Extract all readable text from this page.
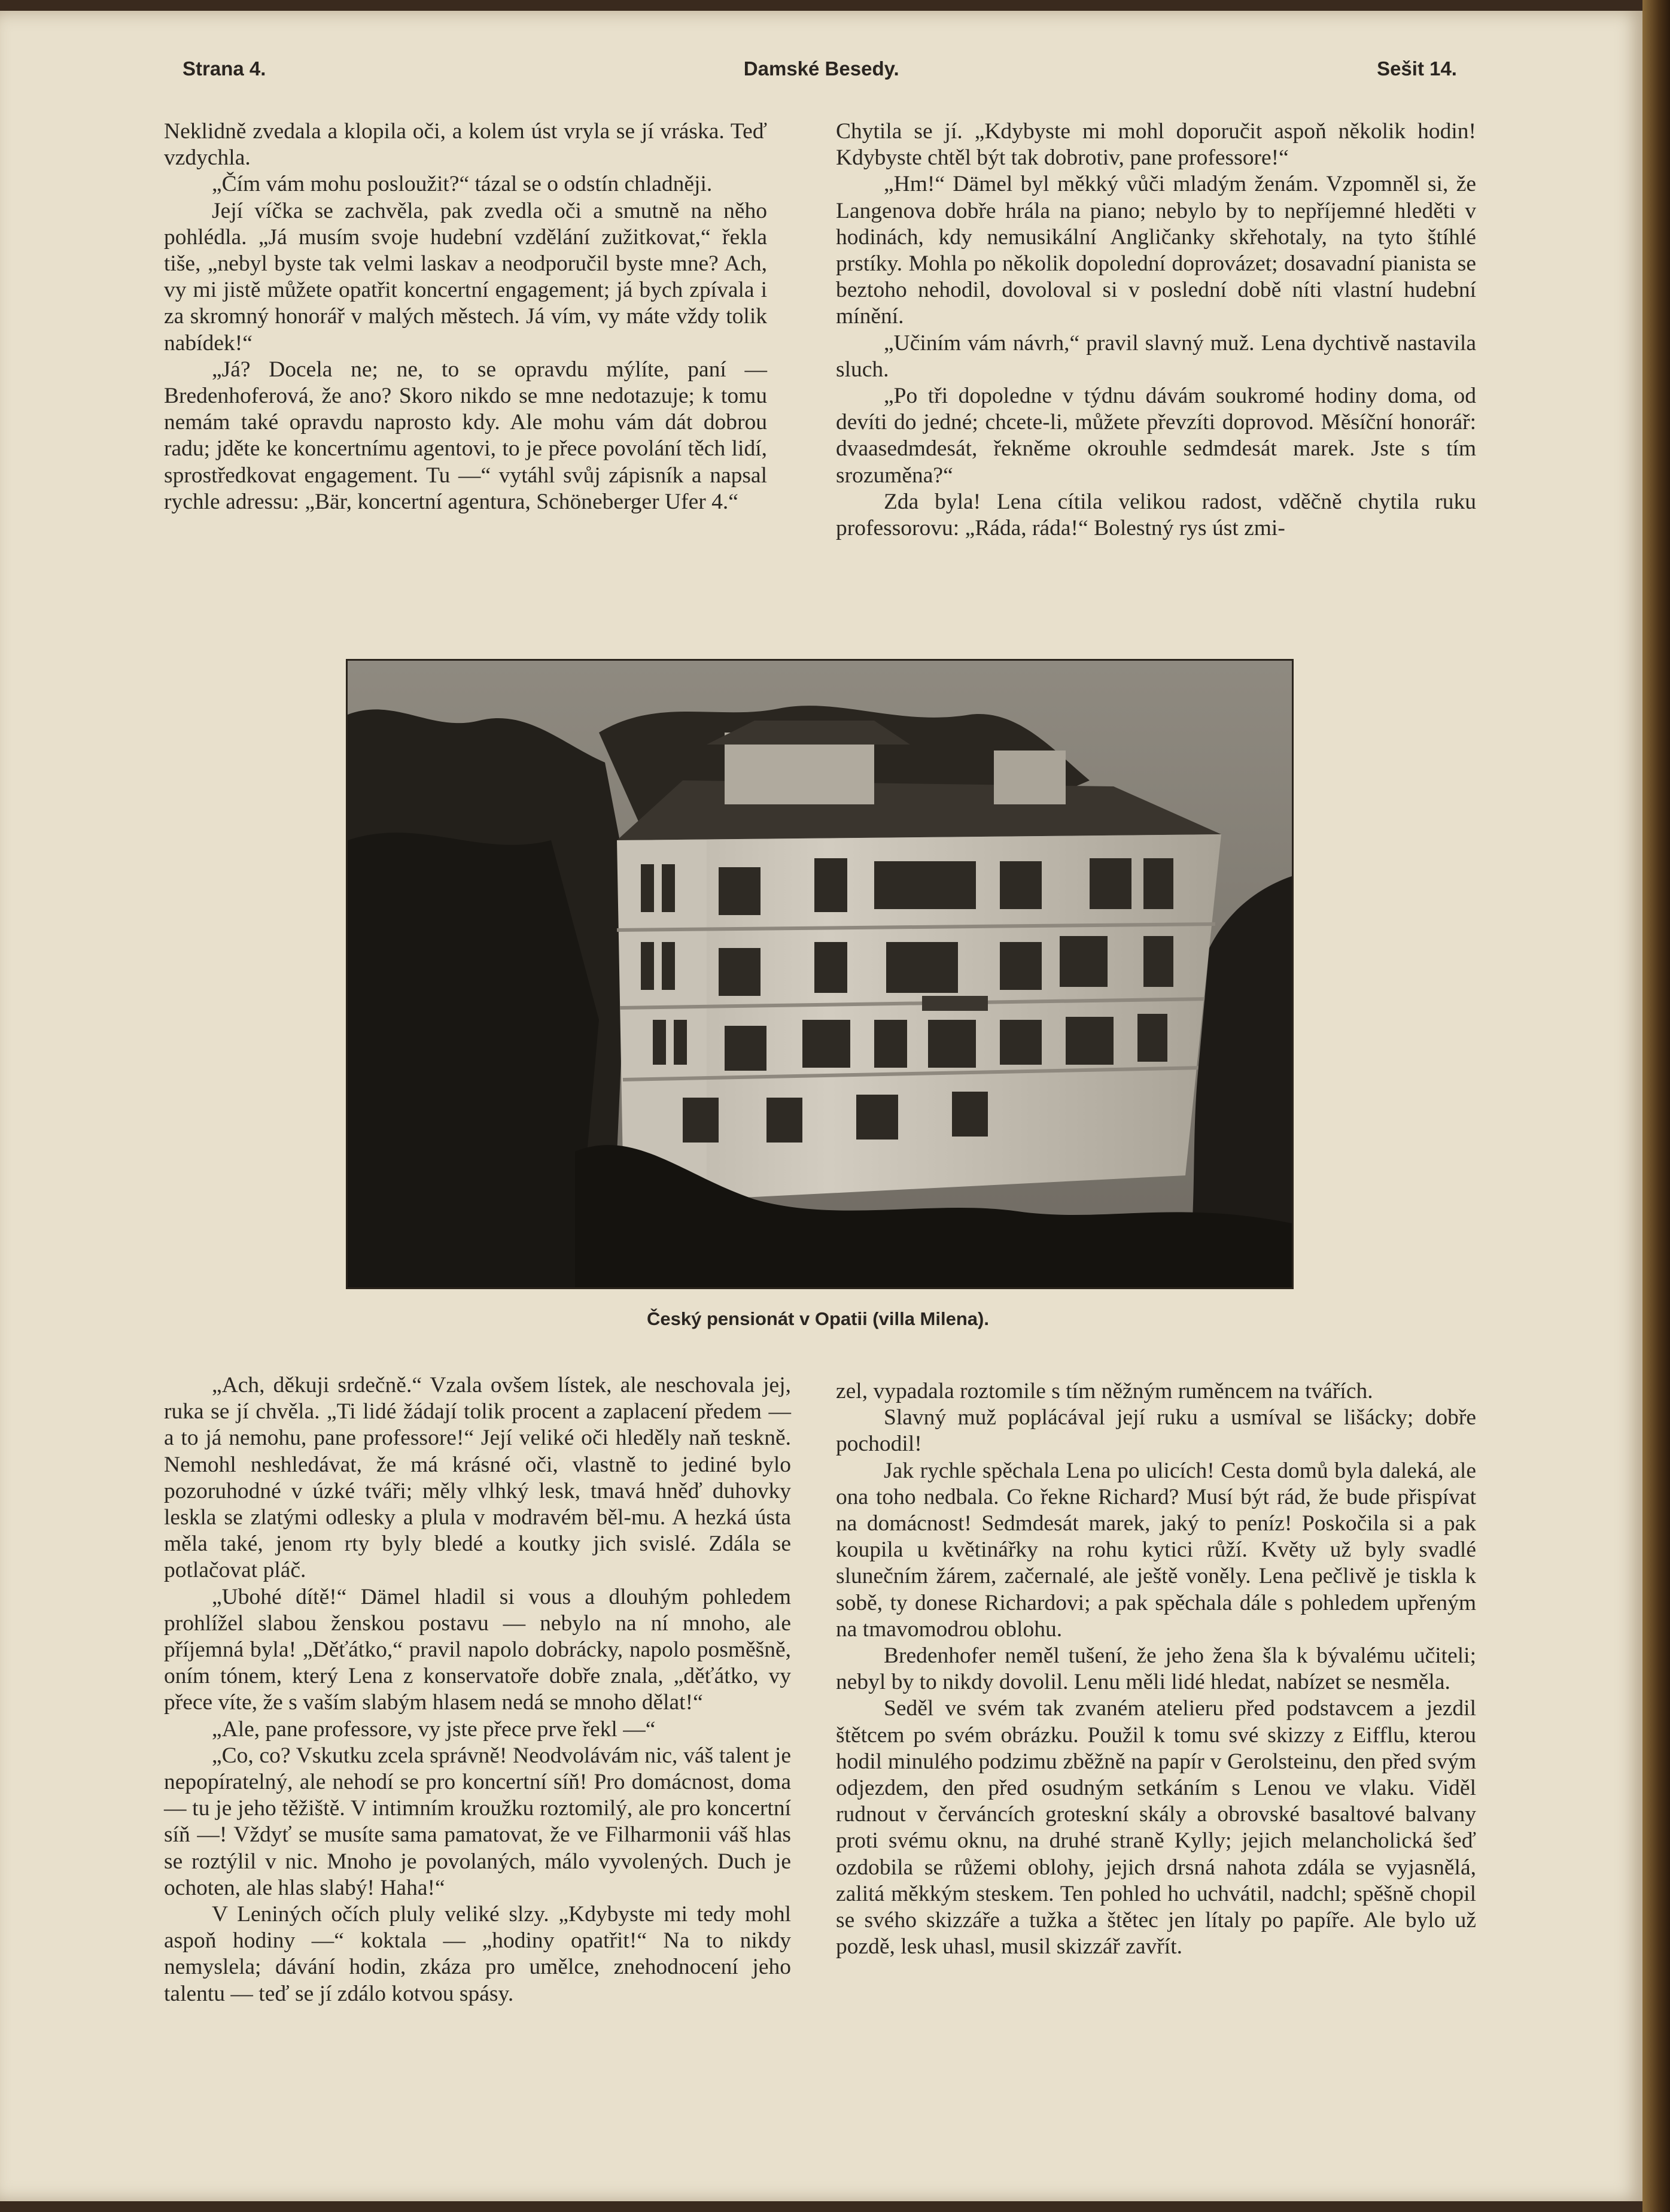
Strana 4.	Damské Besedy.	Sešit 14.

Neklidně zvedala a klopila oči, a kolem úst vryla se jí vráska. Teď vzdychla.

„Čím vám mohu posloužit?“ tázal se o odstín chladněji.

Její víčka se zachvěla, pak zvedla oči a smutně na něho pohlédla. „Já musím svoje hudební vzdělání zužitkovat,“ řekla tiše, „nebyl byste tak velmi laskav a neodporučil byste mne? Ach, vy mi jistě můžete opatřit koncertní engagement; já bych zpívala i za skromný honorář v malých městech. Já vím, vy máte vždy tolik nabídek!“

„Já? Docela ne; ne, to se opravdu mýlíte, paní — Bredenhoferová, že ano? Skoro nikdo se mne nedotazuje; k tomu nemám také opravdu naprosto kdy. Ale mohu vám dát dobrou radu; jděte ke koncertnímu agentovi, to je přece povolání těch lidí, sprostředkovat engagement. Tu —“ vytáhl svůj zápisník a napsal rychle adressu: „Bär, koncertní agentura, Schöneberger Ufer 4.“

Chytila se jí. „Kdybyste mi mohl doporučit aspoň několik hodin! Kdybyste chtěl být tak dobrotiv, pane professore!“

„Hm!“ Dämel byl měkký vůči mladým ženám. Vzpomněl si, že Langenova dobře hrála na piano; nebylo by to nepříjemné hleděti v hodinách, kdy nemusikální Angličanky skřehotaly, na tyto štíhlé prstíky. Mohla po několik dopolední doprovázet; dosavadní pianista se beztoho nehodil, dovoloval si v poslední době níti vlastní hudební mínění.

„Učiním vám návrh,“ pravil slavný muž. Lena dychtivě nastavila sluch.

„Po tři dopoledne v týdnu dávám soukromé hodiny doma, od devíti do jedné; chcete-li, můžete převzíti doprovod. Měsíční honorář: dvaasedmdesát, řekněme okrouhle sedmdesát marek. Jste s tím srozuměna?“

Zda byla! Lena cítila velikou radost, vděčně chytila ruku professorovu: „Ráda, ráda!“ Bolestný rys úst zmi-

Český pensionát v Opatii (villa Milena).

„Ach, děkuji srdečně.“ Vzala ovšem lístek, ale neschovala jej, ruka se jí chvěla. „Ti lidé žádají tolik procent a zaplacení předem — a to já nemohu, pane professore!“ Její veliké oči hleděly naň teskně. Nemohl neshledávat, že má krásné oči, vlastně to jediné bylo pozoruhodné v úzké tváři; měly vlhký lesk, tmavá hněď duhovky leskla se zlatými odlesky a plula v modravém běl-mu. A hezká ústa měla také, jenom rty byly bledé a koutky jich svislé. Zdála se potlačovat pláč.

„Ubohé dítě!“ Dämel hladil si vous a dlouhým pohledem prohlížel slabou ženskou postavu — nebylo na ní mnoho, ale příjemná byla! „Děťátko,“ pravil napolo dobrácky, napolo posměšně, oním tónem, který Lena z konservatoře dobře znala, „děťátko, vy přece víte, že s vaším slabým hlasem nedá se mnoho dělat!“

„Ale, pane professore, vy jste přece prve řekl —“

„Co, co? Vskutku zcela správně! Neodvolávám nic, váš talent je nepopíratelný, ale nehodí se pro koncertní síň! Pro domácnost, doma — tu je jeho těžiště. V intimním kroužku roztomilý, ale pro koncertní síň —! Vždyť se musíte sama pamatovat, že ve Filharmonii váš hlas se roztýlil v nic. Mnoho je povolaných, málo vyvolených. Duch je ochoten, ale hlas slabý! Haha!“

V Leniných očích pluly veliké slzy. „Kdybyste mi tedy mohl aspoň hodiny —“ koktala — „hodiny opatřit!“ Na to nikdy nemyslela; dávání hodin, zkáza pro umělce, znehodnocení jeho talentu — teď se jí zdálo kotvou spásy.

zel, vypadala roztomile s tím něžným ruměncem na tvářích.

Slavný muž poplácával její ruku a usmíval se lišácky; dobře pochodil!

Jak rychle spěchala Lena po ulicích! Cesta domů byla daleká, ale ona toho nedbala. Co řekne Richard? Musí být rád, že bude přispívat na domácnost! Sedmdesát marek, jaký to peníz! Poskočila si a pak koupila u květinářky na rohu kytici růží. Květy už byly svadlé slunečním žárem, začernalé, ale ještě voněly. Lena pečlivě je tiskla k sobě, ty donese Richardovi; a pak spěchala dále s pohledem upřeným na tmavomodrou oblohu.

Bredenhofer neměl tušení, že jeho žena šla k bývalému učiteli; nebyl by to nikdy dovolil. Lenu měli lidé hledat, nabízet se nesměla.

Seděl ve svém tak zvaném atelieru před podstavcem a jezdil štětcem po svém obrázku. Použil k tomu své skizzy z Eifflu, kterou hodil minulého podzimu zběžně na papír v Gerolsteinu, den před svým odjezdem, den před osudným setkáním s Lenou ve vlaku. Viděl rudnout v červáncích groteskní skály a obrovské basaltové balvany proti svému oknu, na druhé straně Kylly; jejich melancholická šeď ozdobila se růžemi oblohy, jejich drsná nahota zdála se vyjasnělá, zalitá měkkým steskem. Ten pohled ho uchvátil, nadchl; spěšně chopil se svého skizzáře a tužka a štětec jen lítaly po papíře. Ale bylo už pozdě, lesk uhasl, musil skizzář zavřít.
